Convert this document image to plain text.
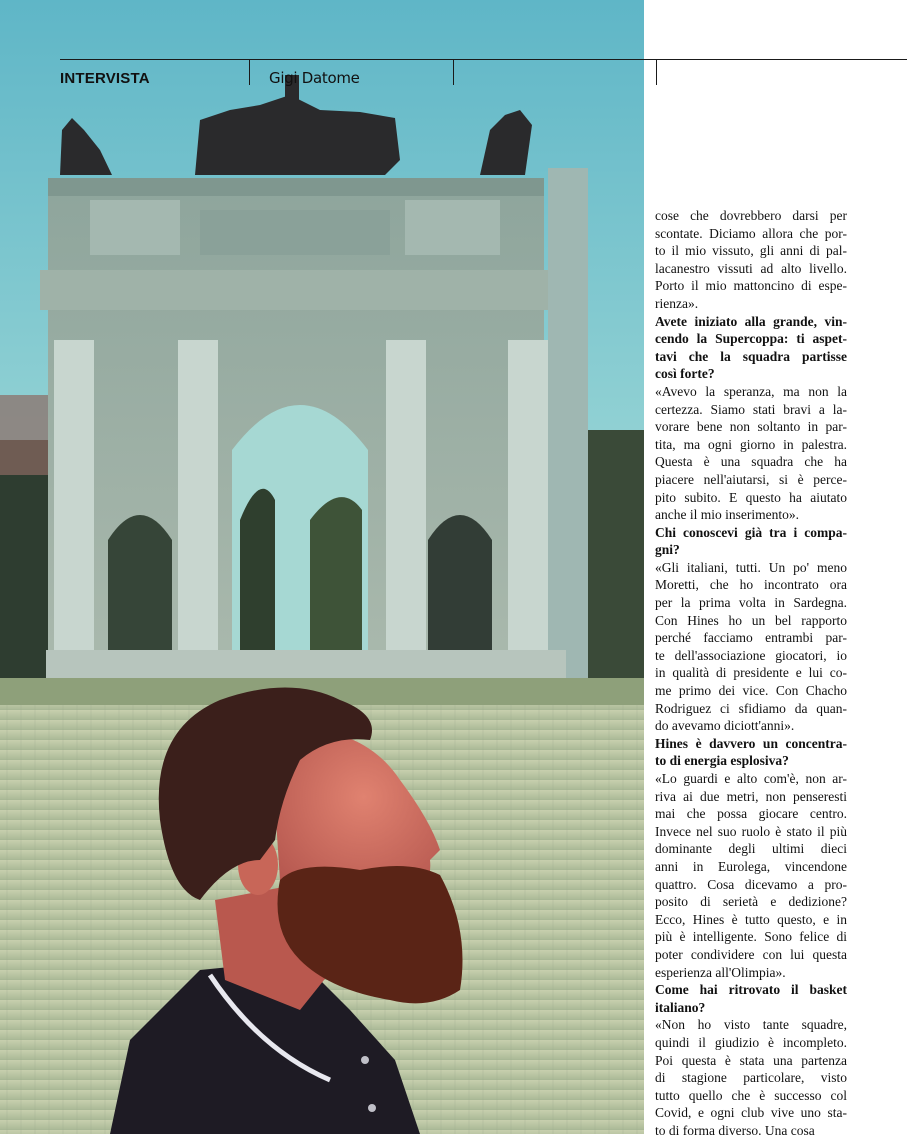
INTERVISTA	Gigi Datome

cose che dovrebbero darsi per
scontate. Diciamo allora che por-
to il mio vissuto, gli anni di pal-
lacanestro vissuti ad alto livello.
Porto il mio mattoncino di espe-
rienza».

Avete iniziato alla grande, vin-
cendo la Supercoppa: ti aspet-
tavi che la squadra partisse
così forte?

«Avevo la speranza, ma non la
certezza. Siamo stati bravi a la-
vorare bene non soltanto in par-
tita, ma ogni giorno in palestra.
Questa è una squadra che ha
piacere nell'aiutarsi, si è perce-
pito subito. E questo ha aiutato
anche il mio inserimento».

Chi conoscevi già tra i compa-
gni?

«Gli italiani, tutti. Un po' meno
Moretti, che ho incontrato ora
per la prima volta in Sardegna.
Con Hines ho un bel rapporto
perché facciamo entrambi par-
te dell'associazione giocatori, io
in qualità di presidente e lui co-
me primo dei vice. Con Chacho
Rodriguez ci sfidiamo da quan-
do avevamo diciott'anni».

Hines è davvero un concentra-
to di energia esplosiva?

«Lo guardi e alto com'è, non ar-
riva ai due metri, non penseresti
mai che possa giocare centro.
Invece nel suo ruolo è stato il più
dominante degli ultimi dieci
anni in Eurolega, vincendone
quattro. Cosa dicevamo a pro-
posito di serietà e dedizione?
Ecco, Hines è tutto questo, e in
più è intelligente. Sono felice di
poter condividere con lui questa
esperienza all'Olimpia».

Come hai ritrovato il basket
italiano?

«Non ho visto tante squadre,
quindi il giudizio è incompleto.
Poi questa è stata una partenza
di stagione particolare, visto
tutto quello che è successo col
Covid, e ogni club vive uno sta-
to di forma diverso. Una cosa
